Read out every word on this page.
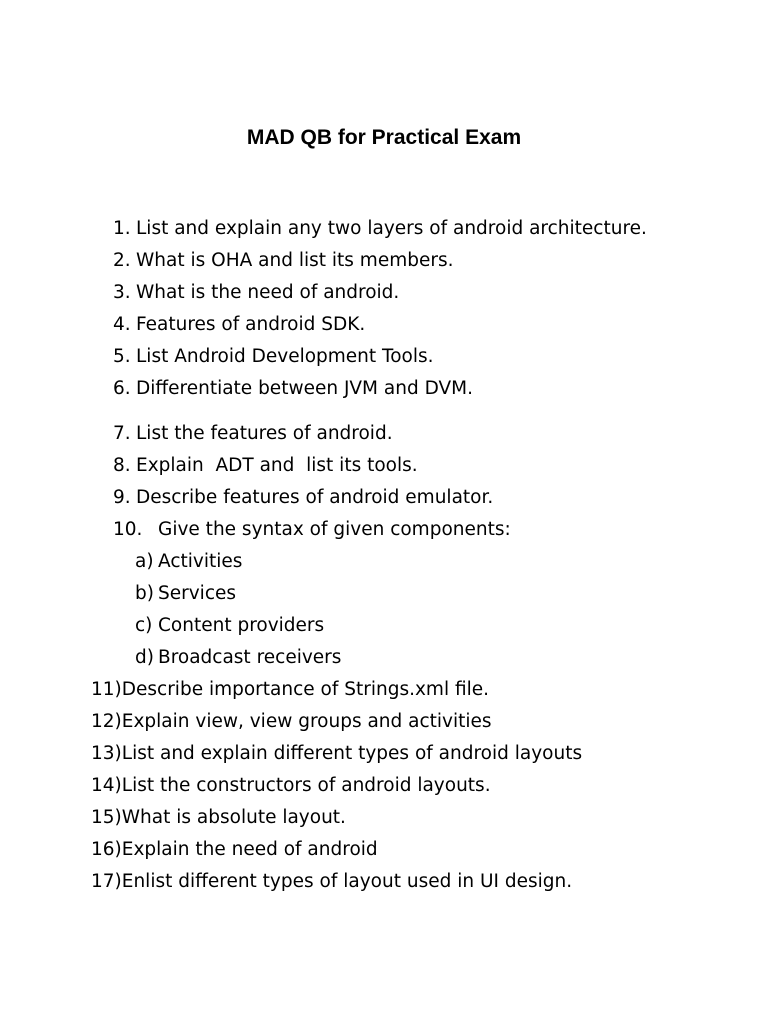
MAD QB for Practical Exam
1. List and explain any two layers of android architecture.
2. What is OHA and list its members.
3. What is the need of android.
4. Features of android SDK.
5. List Android Development Tools.
6. Differentiate between JVM and DVM.
7. List the features of android.
8. Explain  ADT and  list its tools.
9. Describe features of android emulator.
10. Give the syntax of given components:
a) Activities
b) Services
c) Content providers
d) Broadcast receivers
11)Describe importance of Strings.xml file.
12)Explain view, view groups and activities
13)List and explain different types of android layouts
14)List the constructors of android layouts.
15)What is absolute layout.
16)Explain the need of android
17)Enlist different types of layout used in UI design.
